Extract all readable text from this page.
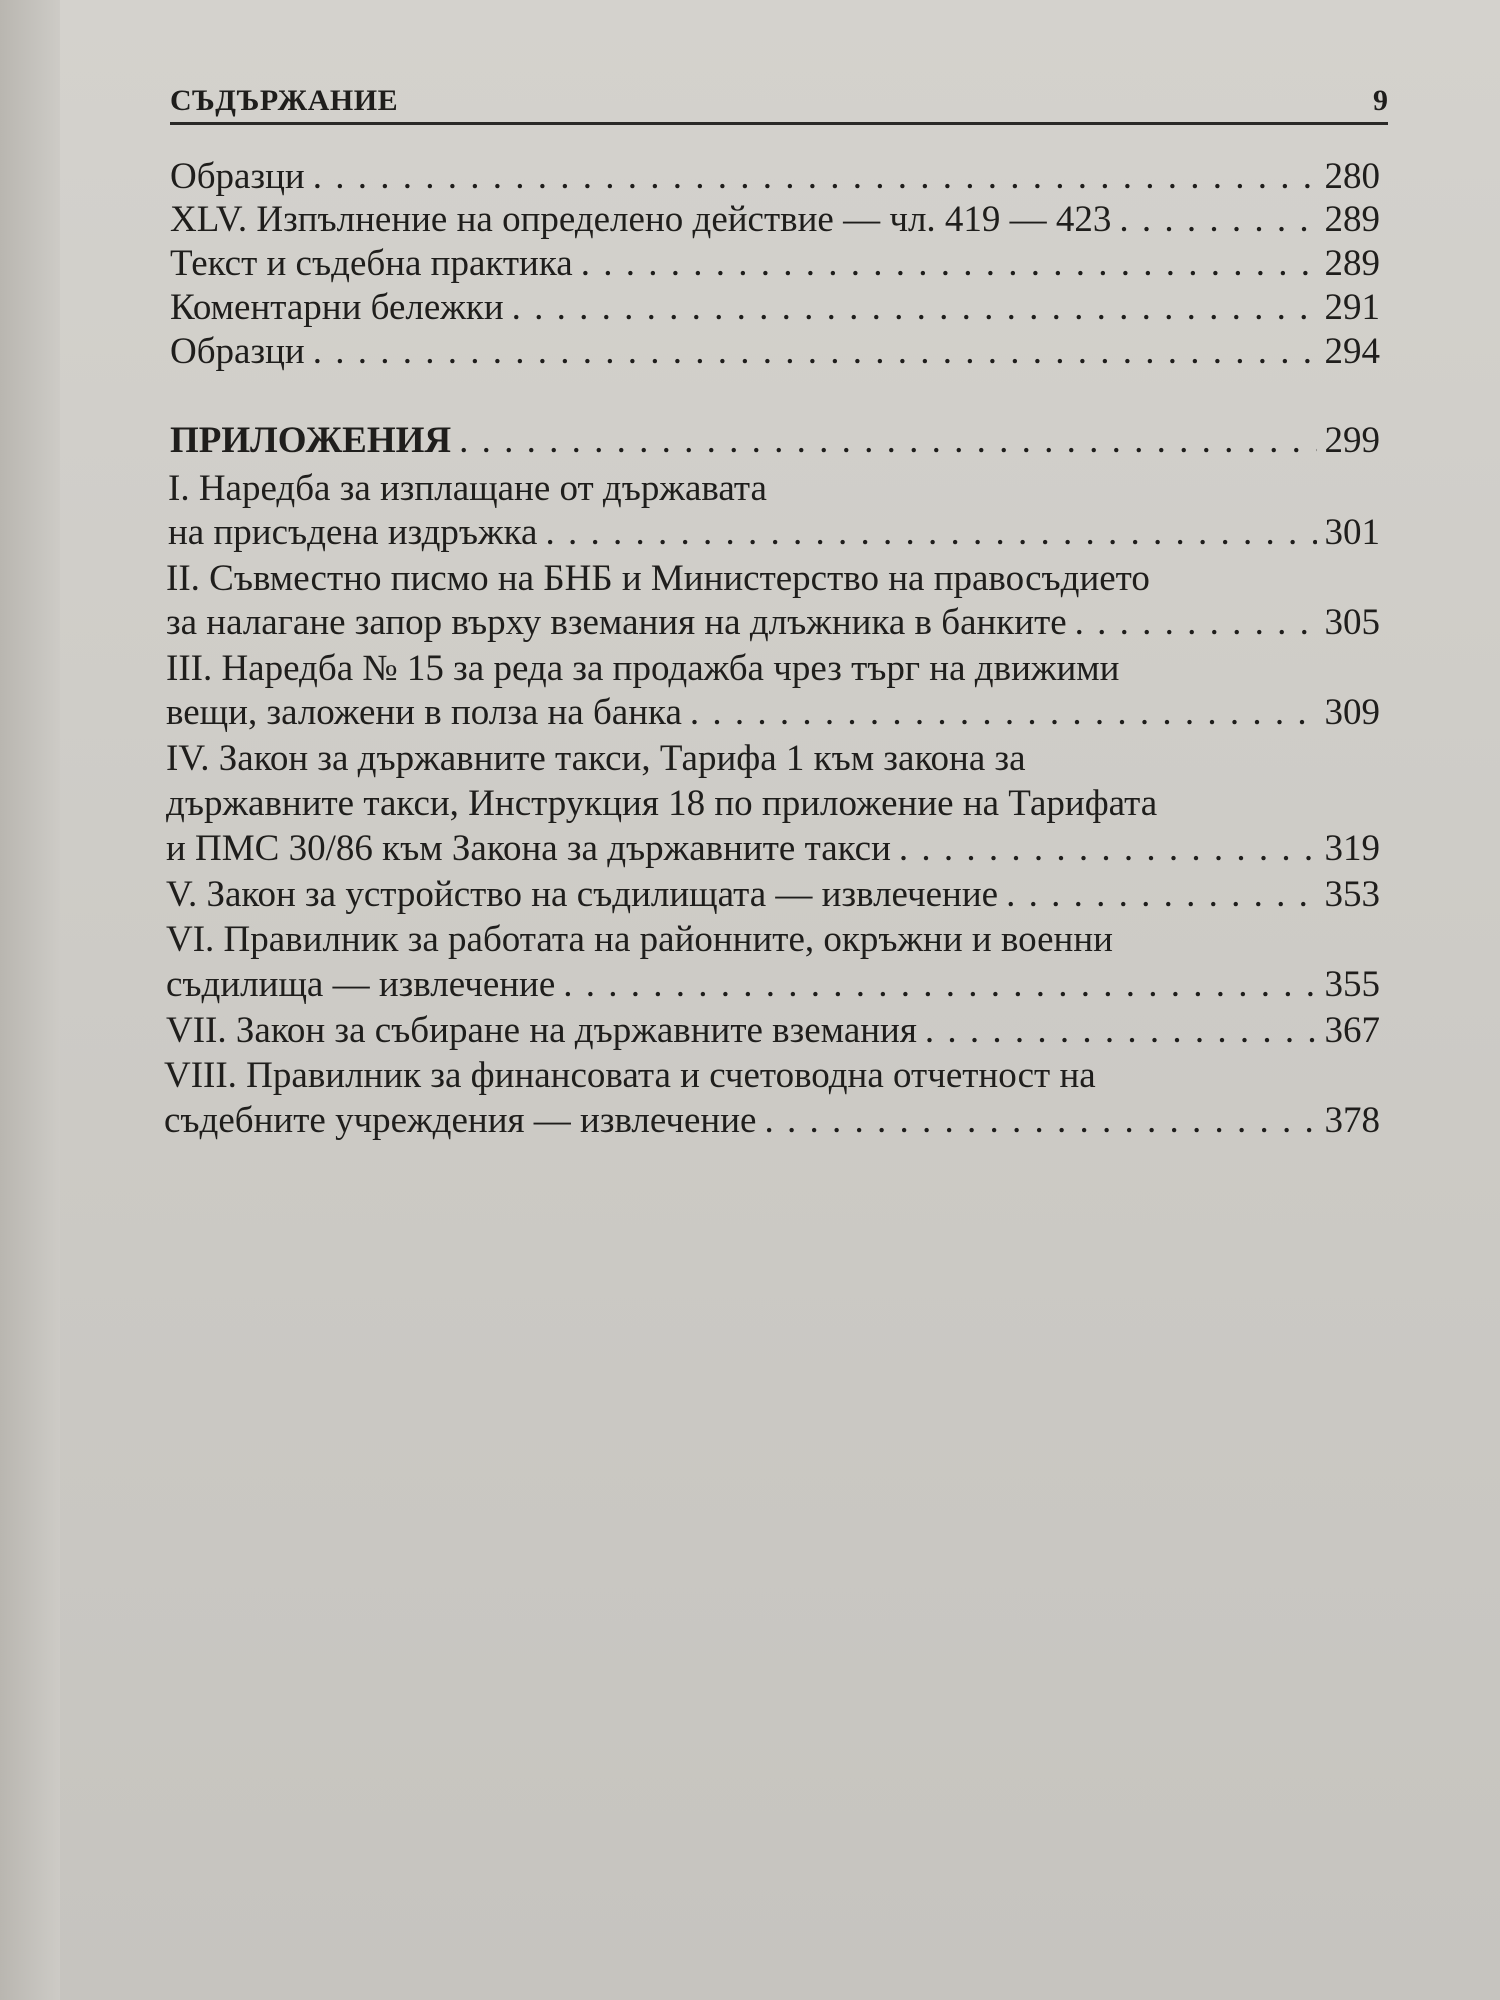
СЪДЪРЖАНИЕ	9
Образци . . .	280
XLV. Изпълнение на определено действие — чл. 419 — 423 . . .	289
Текст и съдебна практика . . .	289
Коментарни бележки . . .	291
Образци . . .	294
ПРИЛОЖЕНИЯ . . .	299
I. Наредба за изплащане от държавата
на присъдена издръжка . . .	301
II. Съвместно писмо на БНБ и Министерство на правосъдието
за налагане запор върху вземания на длъжника в банките . . .	305
III. Наредба № 15 за реда за продажба чрез търг на движими
вещи, заложени в полза на банка . . .	309
IV. Закон за държавните такси, Тарифа 1 към закона за
държавните такси, Инструкция 18 по приложение на Тарифата
и ПМС 30/86 към Закона за държавните такси . . .	319
V. Закон за устройство на съдилищата — извлечение . . .	353
VI. Правилник за работата на районните, окръжни и военни
съдилища — извлечение . . .	355
VII. Закон за събиране на държавните вземания . . .	367
VIII. Правилник за финансовата и счетоводна отчетност на
съдебните учреждения — извлечение . . .	378
